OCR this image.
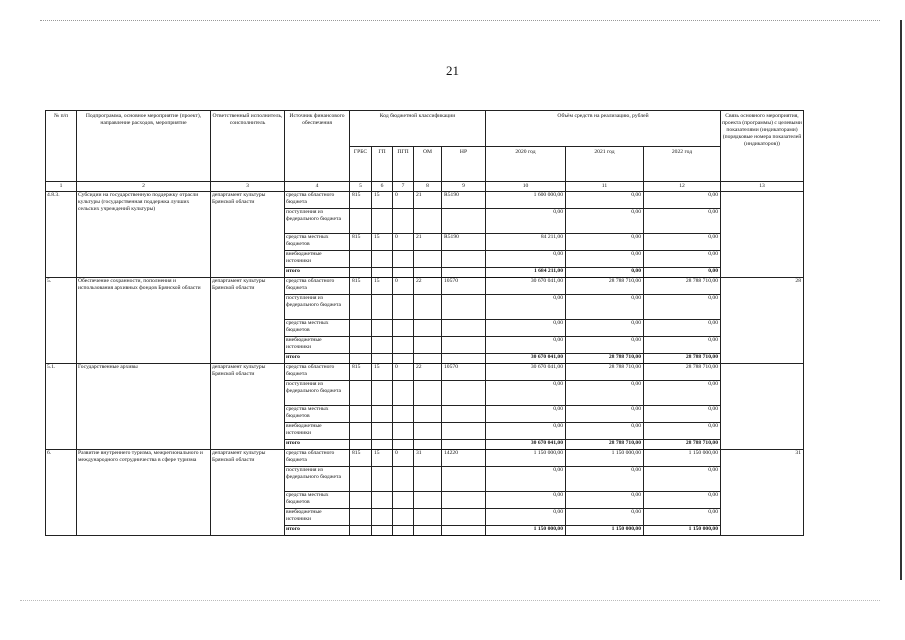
21
№ п/п	Подпрограмма, основное мероприятие (проект), направление расходов, мероприятие	Ответственный исполнитель, соисполнитель	Источник финансового обеспечения	Код бюджетной классификации					Объём средств на реализацию, рублей			Связь основного мероприятия, проекта (программы) с целевыми показателями (индикаторами) (порядковые номера показателей (индикаторов))
				ГРБС	ГП	ПГП	ОМ	НР	2020 год	2021 год	2022 год	
1	2	3	4	5	6	7	8	9	10	11	12	13
4.8.3.	Субсидии на государственную поддержку отрасли культуры (государственная поддержка лучших сельских учреждений культуры)	департамент культуры Брянской области	средства областного бюджета	815	15	0	21	R5190	1 600 000,00	0,00	0,00	
			поступления из федерального бюджета						0,00	0,00	0,00	
			средства местных бюджетов	815	15	0	21	R5190	84 211,00	0,00	0,00	
			внебюджетные источники						0,00	0,00	0,00	
			итого						1 684 211,00	0,00	0,00	
5.	Обеспечение сохранности, пополнения и использования архивных фондов Брянской области	департамент культуры Брянской области	средства областного бюджета	815	15	0	22	10570	30 670 041,00	28 788 710,00	28 788 710,00	28
			поступления из федерального бюджета						0,00	0,00	0,00	
			средства местных бюджетов						0,00	0,00	0,00	
			внебюджетные источники						0,00	0,00	0,00	
			итого						30 670 041,00	28 788 710,00	28 788 710,00	
5.1.	Государственные архивы	департамент культуры Брянской области	средства областного бюджета	815	15	0	22	10570	30 670 041,00	28 788 710,00	28 788 710,00	
			поступления из федерального бюджета						0,00	0,00	0,00	
			средства местных бюджетов						0,00	0,00	0,00	
			внебюджетные источники						0,00	0,00	0,00	
			итого						30 670 041,00	28 788 710,00	28 788 710,00	
6.	Развитие внутреннего туризма, межрегионального и международного сотрудничества в сфере туризма	департамент культуры Брянской области	средства областного бюджета	815	15	0	31	14220	1 150 000,00	1 150 000,00	1 150 000,00	31
			поступления из федерального бюджета						0,00	0,00	0,00	
			средства местных бюджетов						0,00	0,00	0,00	
			внебюджетные источники						0,00	0,00	0,00	
			итого						1 150 000,00	1 150 000,00	1 150 000,00	
